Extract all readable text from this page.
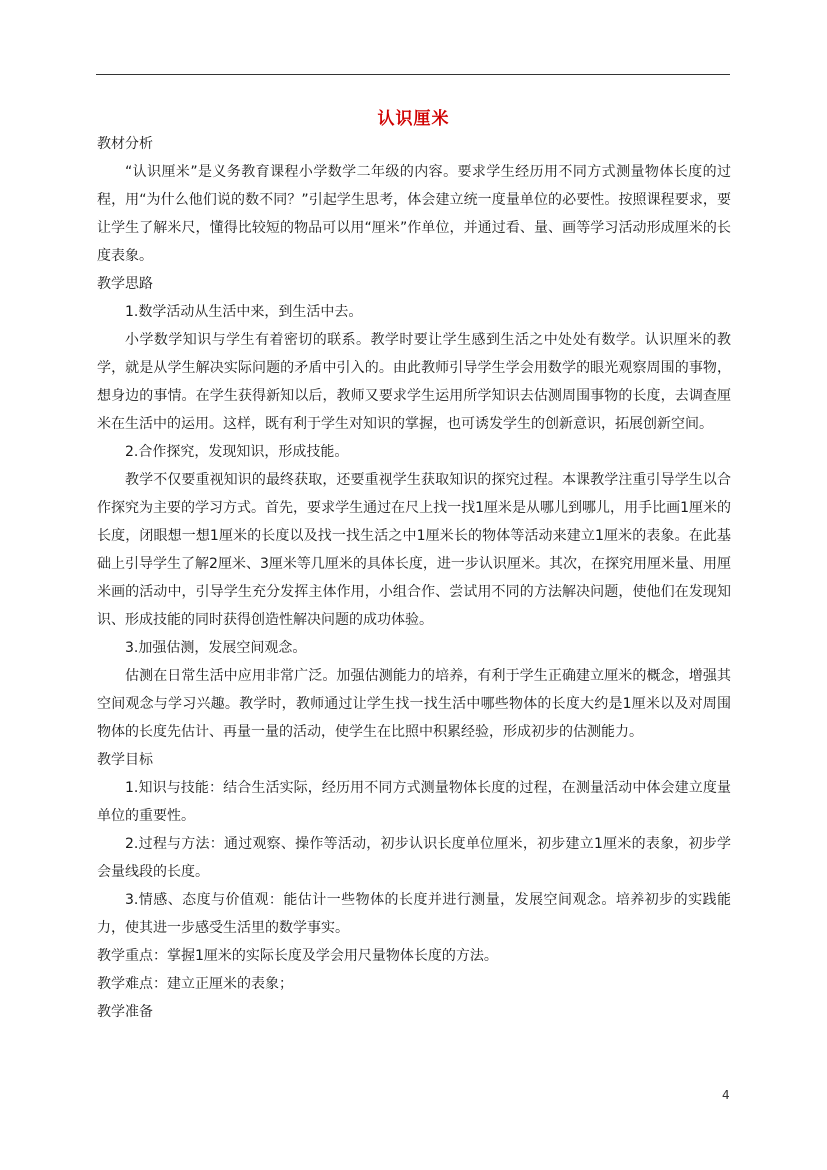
认识厘米

教材分析

“认识厘米”是义务教育课程小学数学二年级的内容。要求学生经历用不同方式测量物体长度的过程，用“为什么他们说的数不同？”引起学生思考，体会建立统一度量单位的必要性。按照课程要求，要让学生了解米尺，懂得比较短的物品可以用“厘米”作单位，并通过看、量、画等学习活动形成厘米的长度表象。

教学思路

1.数学活动从生活中来，到生活中去。

小学数学知识与学生有着密切的联系。教学时要让学生感到生活之中处处有数学。认识厘米的教学，就是从学生解决实际问题的矛盾中引入的。由此教师引导学生学会用数学的眼光观察周围的事物，想身边的事情。在学生获得新知以后，教师又要求学生运用所学知识去估测周围事物的长度，去调查厘米在生活中的运用。这样，既有利于学生对知识的掌握，也可诱发学生的创新意识，拓展创新空间。

2.合作探究，发现知识，形成技能。

教学不仅要重视知识的最终获取，还要重视学生获取知识的探究过程。本课教学注重引导学生以合作探究为主要的学习方式。首先，要求学生通过在尺上找一找1厘米是从哪儿到哪儿，用手比画1厘米的长度，闭眼想一想1厘米的长度以及找一找生活之中1厘米长的物体等活动来建立1厘米的表象。在此基础上引导学生了解2厘米、3厘米等几厘米的具体长度，进一步认识厘米。其次，在探究用厘米量、用厘米画的活动中，引导学生充分发挥主体作用，小组合作、尝试用不同的方法解决问题，使他们在发现知识、形成技能的同时获得创造性解决问题的成功体验。

3.加强估测，发展空间观念。

估测在日常生活中应用非常广泛。加强估测能力的培养，有利于学生正确建立厘米的概念，增强其空间观念与学习兴趣。教学时，教师通过让学生找一找生活中哪些物体的长度大约是1厘米以及对周围物体的长度先估计、再量一量的活动，使学生在比照中积累经验，形成初步的估测能力。

教学目标

1.知识与技能：结合生活实际，经历用不同方式测量物体长度的过程，在测量活动中体会建立度量单位的重要性。

2.过程与方法：通过观察、操作等活动，初步认识长度单位厘米，初步建立1厘米的表象，初步学会量线段的长度。

3.情感、态度与价值观：能估计一些物体的长度并进行测量，发展空间观念。培养初步的实践能力，使其进一步感受生活里的数学事实。

教学重点：掌握1厘米的实际长度及学会用尺量物体长度的方法。

教学难点：建立正厘米的表象；

教学准备

4
